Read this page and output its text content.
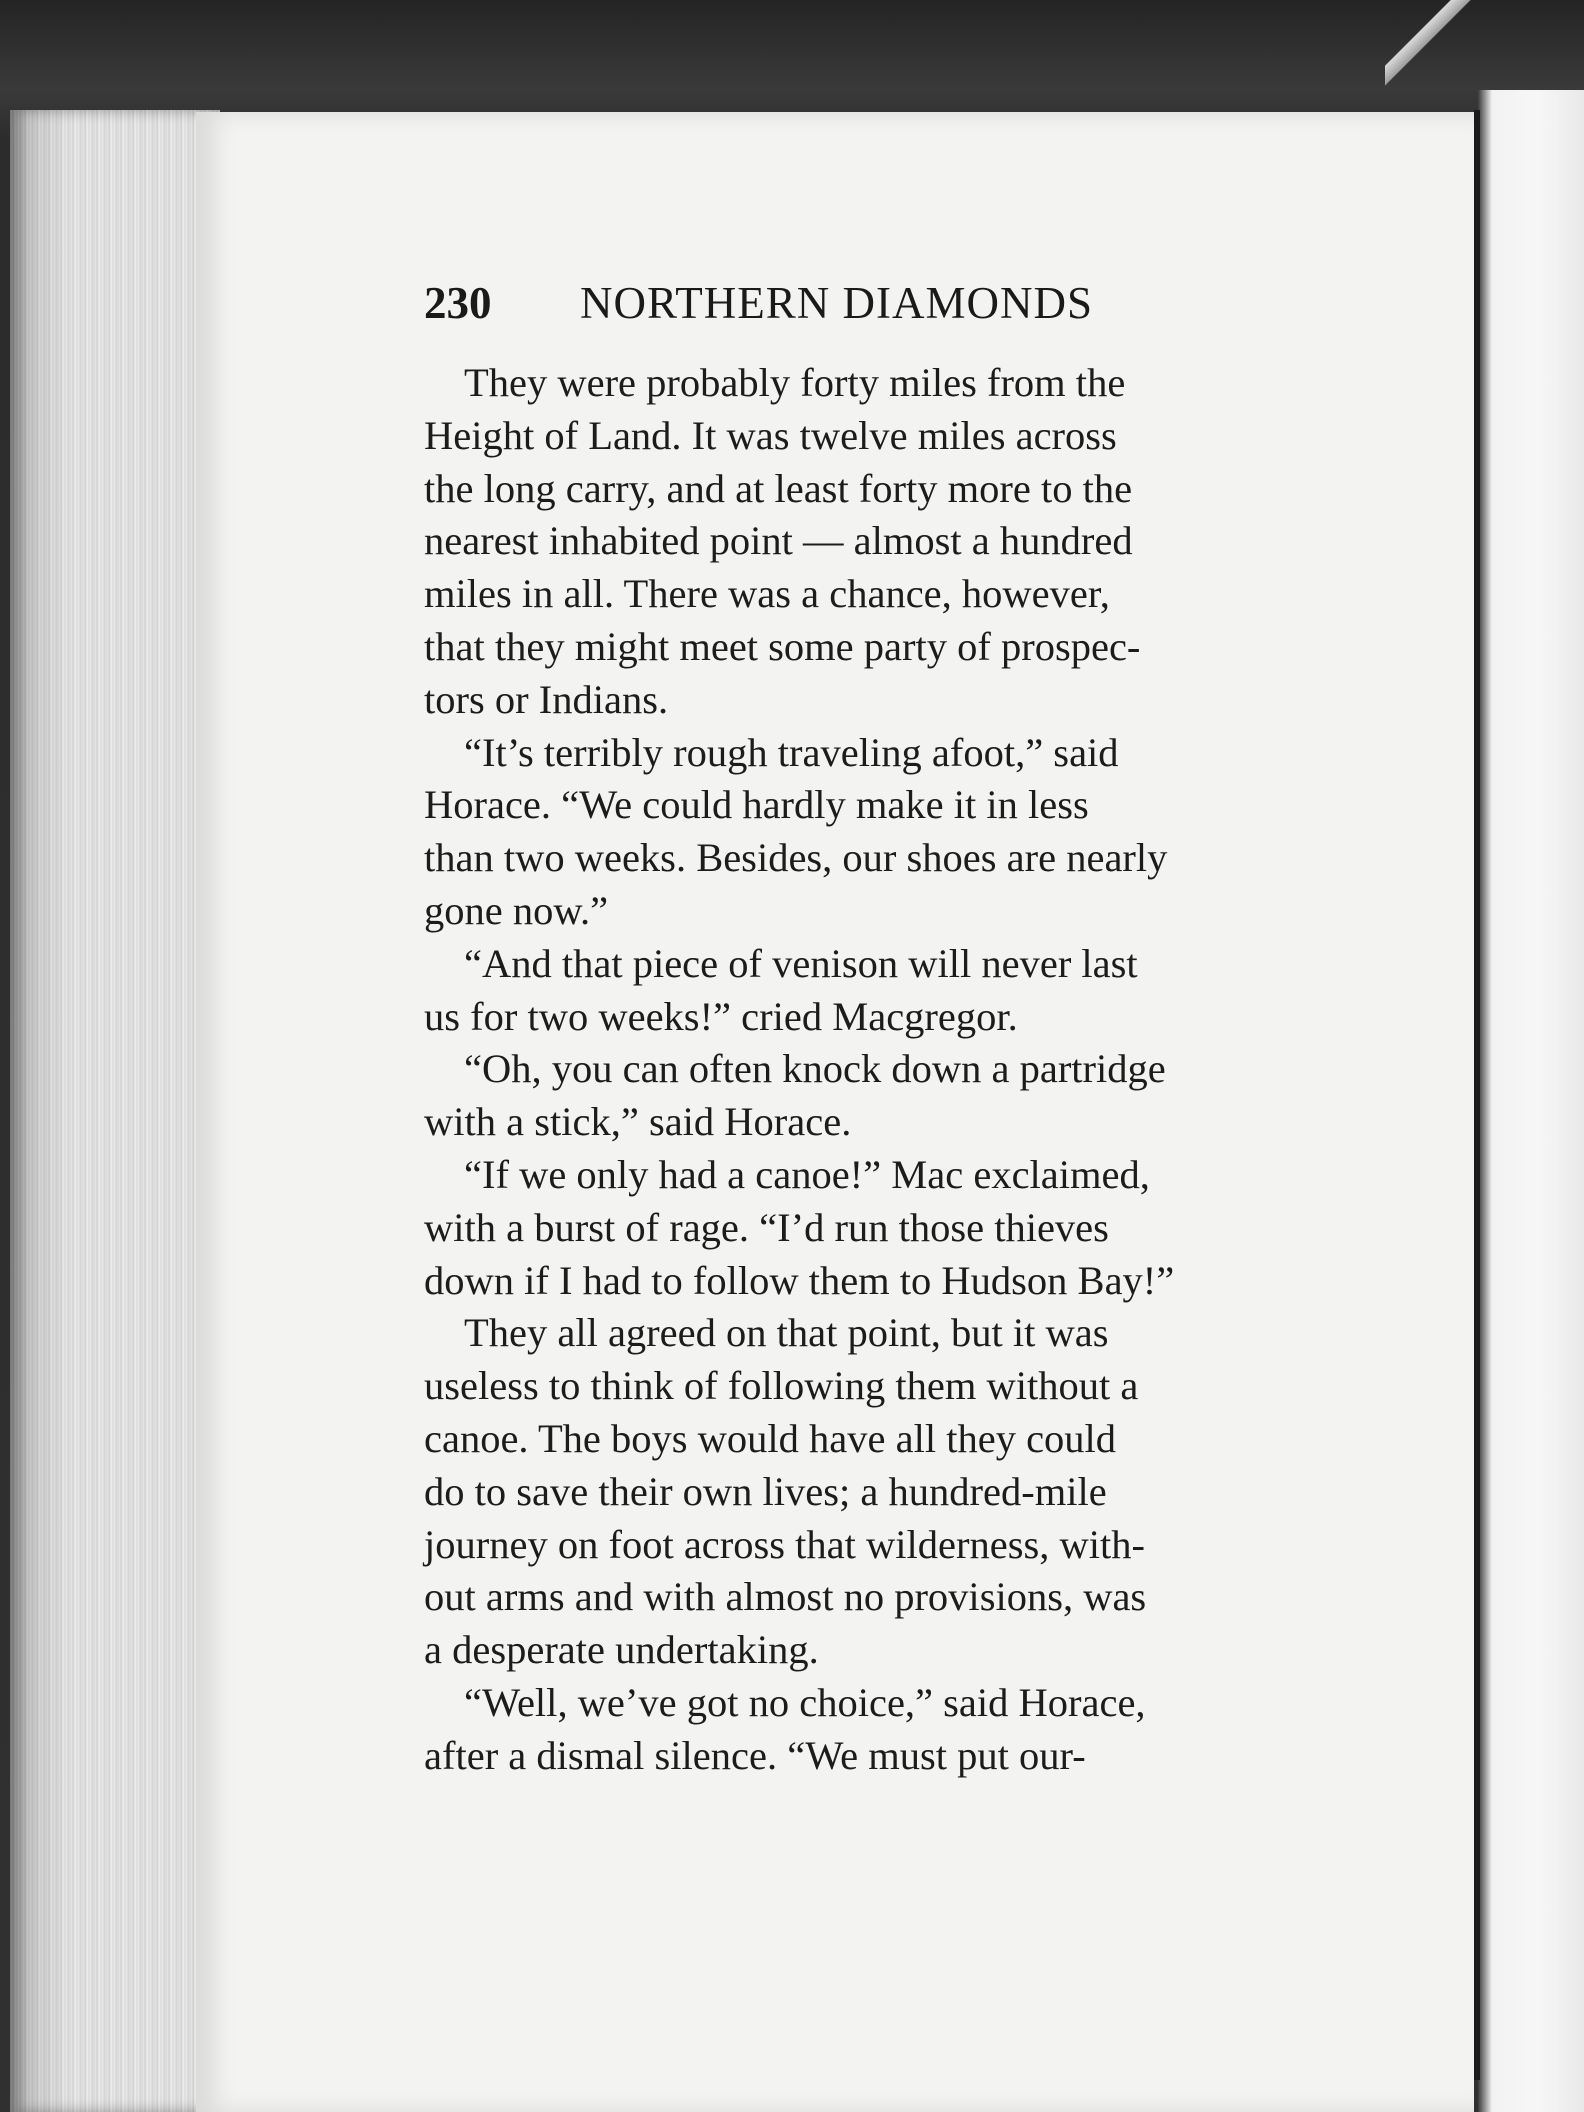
230 NORTHERN DIAMONDS
They were probably forty miles from the
Height of Land. It was twelve miles across
the long carry, and at least forty more to the
nearest inhabited point — almost a hundred
miles in all. There was a chance, however,
that they might meet some party of prospec-
tors or Indians.
“It’s terribly rough traveling afoot,” said
Horace. “We could hardly make it in less
than two weeks. Besides, our shoes are nearly
gone now.”
“And that piece of venison will never last
us for two weeks!” cried Macgregor.
“Oh, you can often knock down a partridge
with a stick,” said Horace.
“If we only had a canoe!” Mac exclaimed,
with a burst of rage. “I’d run those thieves
down if I had to follow them to Hudson Bay!”
They all agreed on that point, but it was
useless to think of following them without a
canoe. The boys would have all they could
do to save their own lives; a hundred-mile
journey on foot across that wilderness, with-
out arms and with almost no provisions, was
a desperate undertaking.
“Well, we’ve got no choice,” said Horace,
after a dismal silence. “We must put our-
